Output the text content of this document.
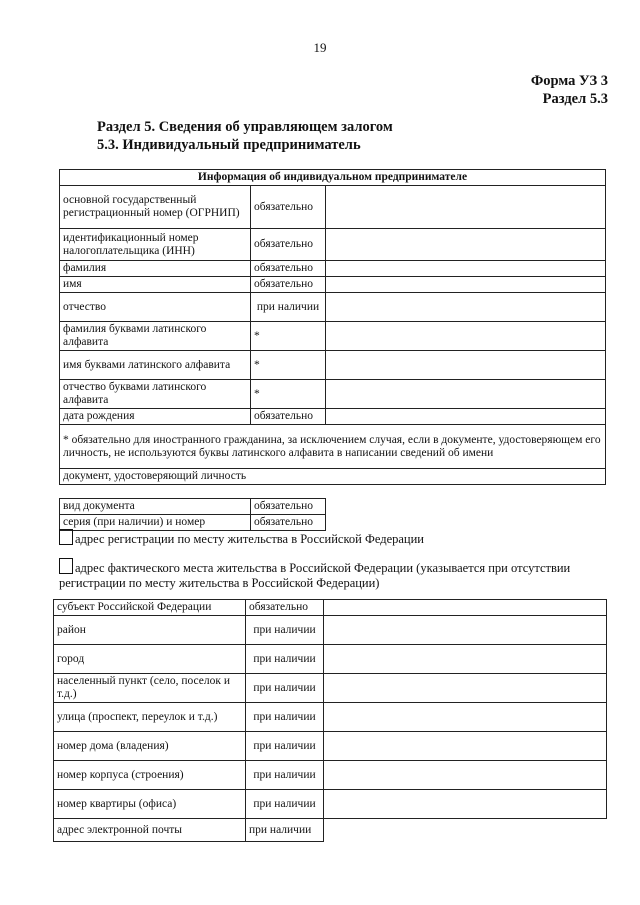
19
Форма УЗ 3
Раздел 5.3
Раздел 5. Сведения об управляющем залогом
5.3. Индивидуальный предприниматель
Информация об индивидуальном предпринимателе		
основной государственный регистрационный номер (ОГРНИП)	обязательно	
идентификационный номер налогоплательщика (ИНН)	обязательно	
фамилия	обязательно	
имя	обязательно	
отчество	при наличии	
фамилия буквами латинского алфавита	*	
имя буквами латинского алфавита	*	
отчество буквами латинского алфавита	*	
дата рождения	обязательно	
* обязательно для иностранного гражданина, за исключением случая, если в документе, удостоверяющем его личность, не используются буквы латинского алфавита в написании сведений об имени		
документ, удостоверяющий личность		
вид документа	обязательно
серия (при наличии) и номер	обязательно
адрес регистрации по месту жительства в Российской Федерации
адрес фактического места жительства в Российской Федерации (указывается при отсутствии регистрации по месту жительства в Российской Федерации)
субъект Российской Федерации	обязательно	
район	при наличии	
город	при наличии	
населенный пункт (село, поселок и т.д.)	при наличии	
улица (проспект, переулок и т.д.)	при наличии	
номер дома (владения)	при наличии	
номер корпуса (строения)	при наличии	
номер квартиры (офиса)	при наличии	
адрес электронной почты	при наличии	
